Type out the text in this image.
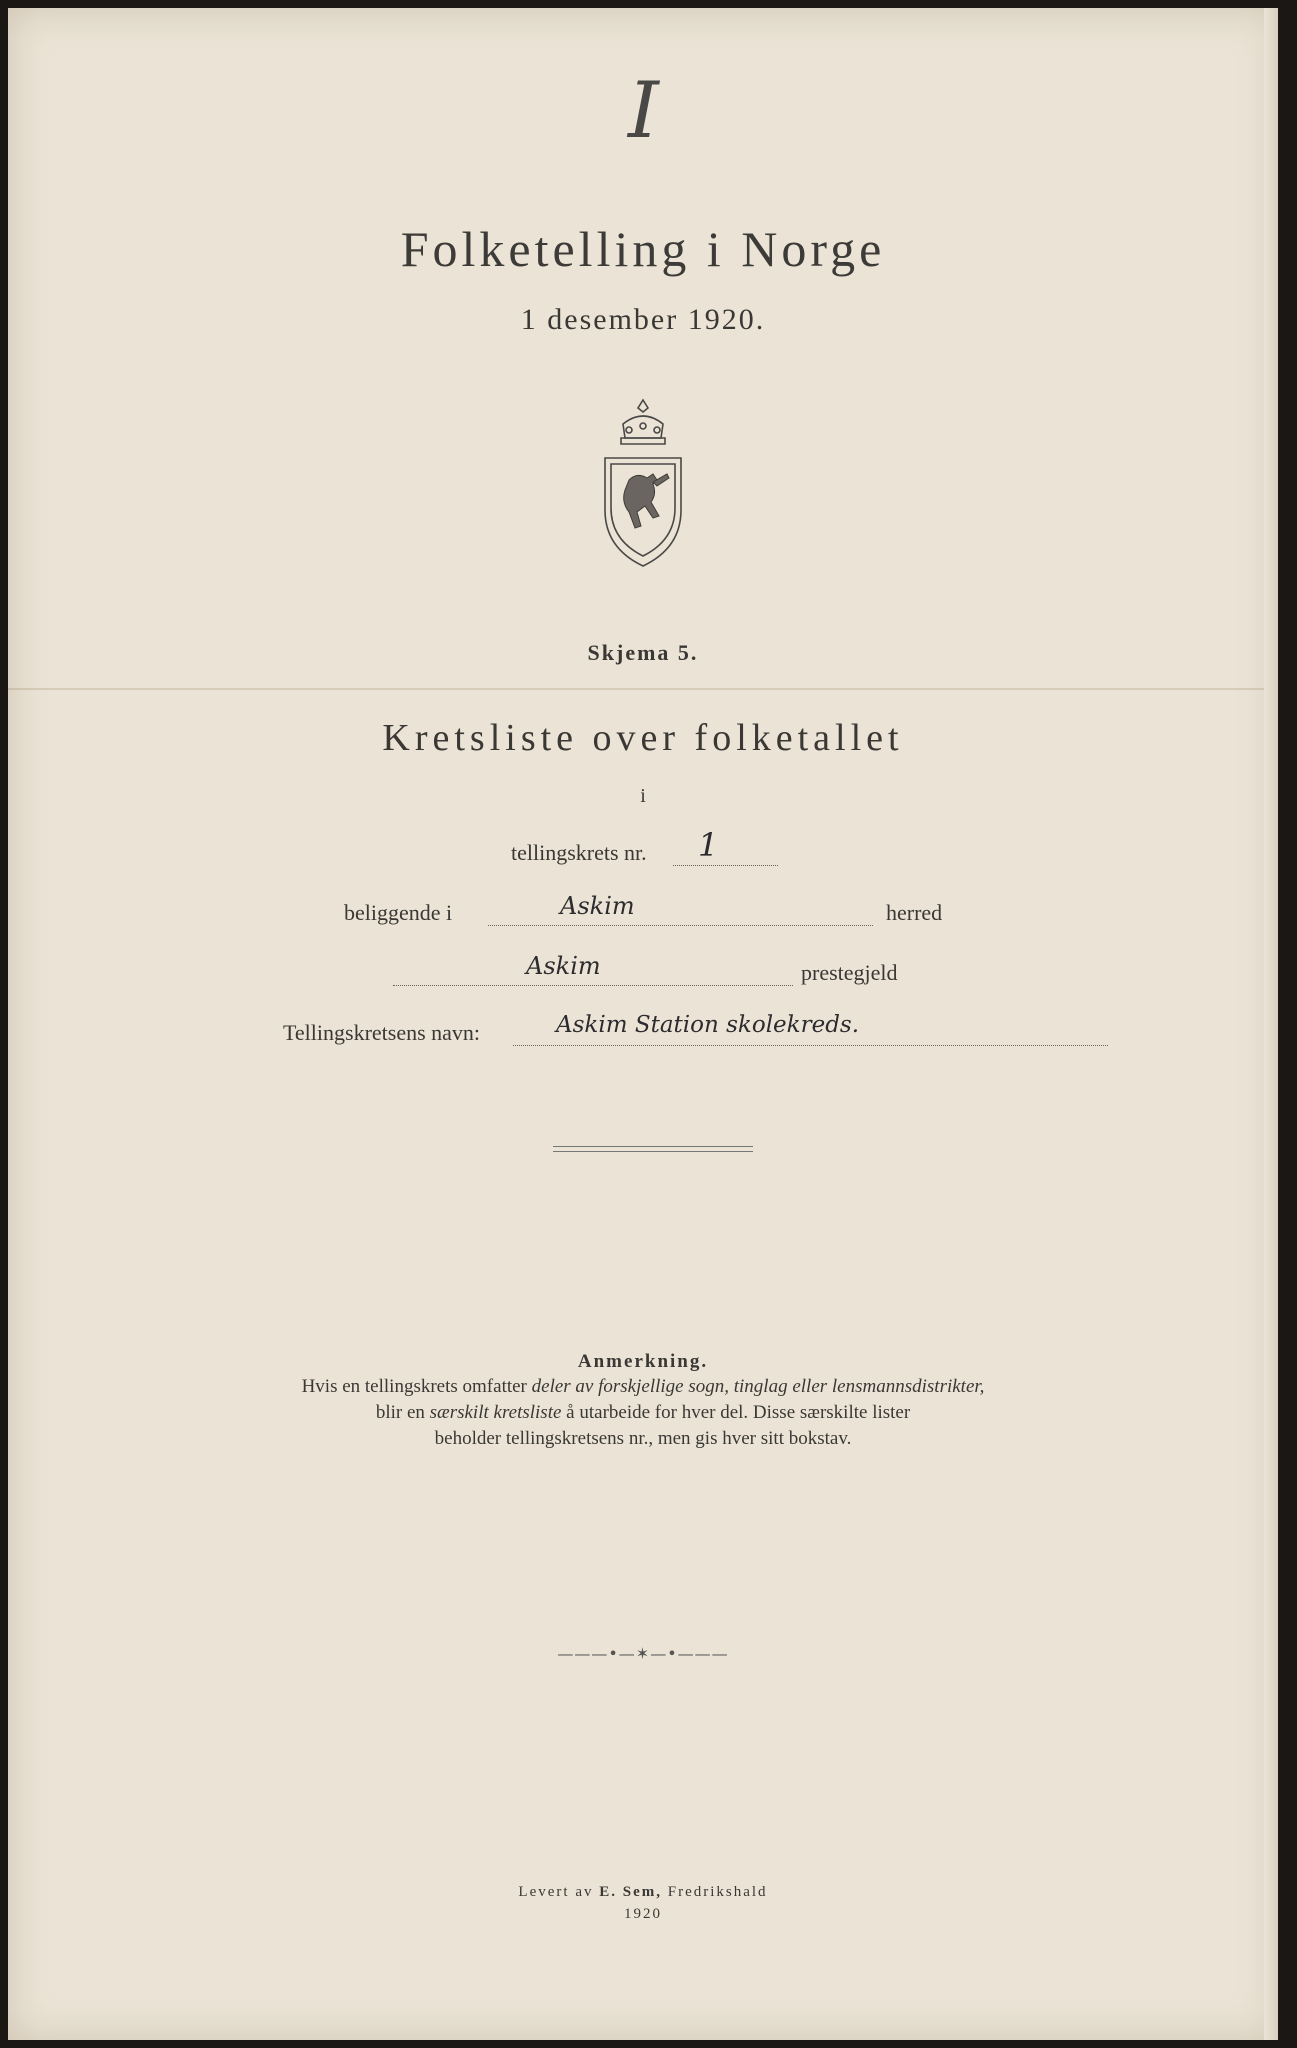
I
Folketelling i Norge
1 desember 1920.
Skjema 5.
Kretsliste over folketallet
i
tellingskrets nr. 1
beliggende i	Askim	herred
Askim	prestegjeld
Tellingskretsens navn:	Askim Station skolekreds.
Anmerkning.
Hvis en tellingskrets omfatter deler av forskjellige sogn, tinglag eller lensmannsdistrikter,
blir en særskilt kretsliste å utarbeide for hver del. Disse særskilte lister
beholder tellingskretsens nr., men gis hver sitt bokstav.
———•—✶—•———
Levert av E. Sem, Fredrikshald
1920
